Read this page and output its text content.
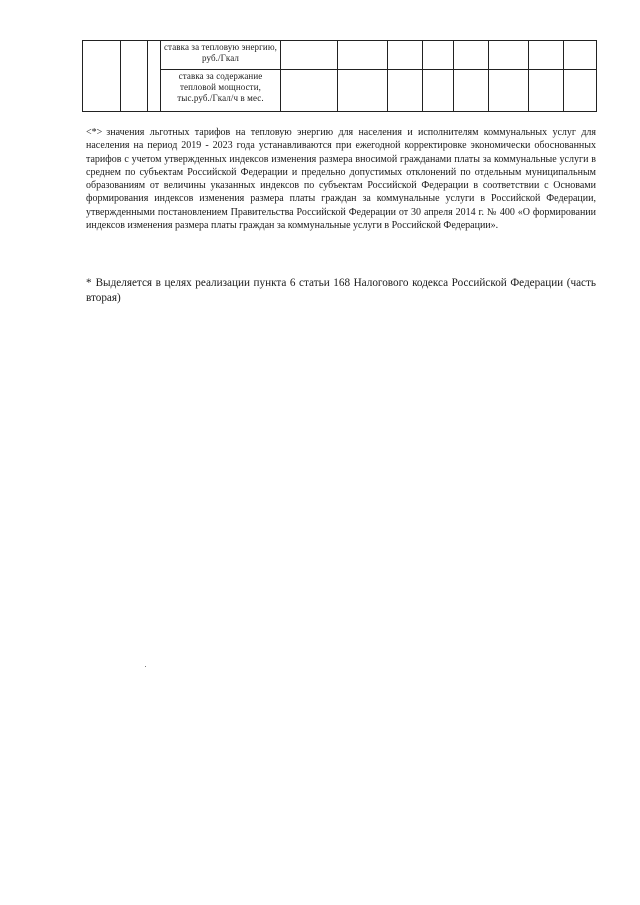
			ставка за тепловую энергию, руб./Гкал								
			ставка за содержание тепловой мощности, тыс.руб./Гкал/ч в мес.								

<*> значения льготных тарифов на тепловую энергию для населения и исполнителям коммунальных услуг для населения на период 2019 - 2023 года устанавливаются при ежегодной корректировке экономически обоснованных тарифов с учетом утвержденных индексов изменения размера вносимой гражданами платы за коммунальные услуги в среднем по субъектам Российской Федерации и предельно допустимых отклонений по отдельным муниципальным образованиям от величины указанных индексов по субъектам Российской Федерации в соответствии с Основами формирования индексов изменения размера платы граждан за коммунальные услуги в Российской Федерации, утвержденными постановлением Правительства Российской Федерации от 30 апреля 2014 г. № 400 «О формировании индексов изменения размера платы граждан за коммунальные услуги в Российской Федерации».

* Выделяется в целях реализации пункта 6 статьи 168 Налогового кодекса Российской Федерации (часть вторая)
